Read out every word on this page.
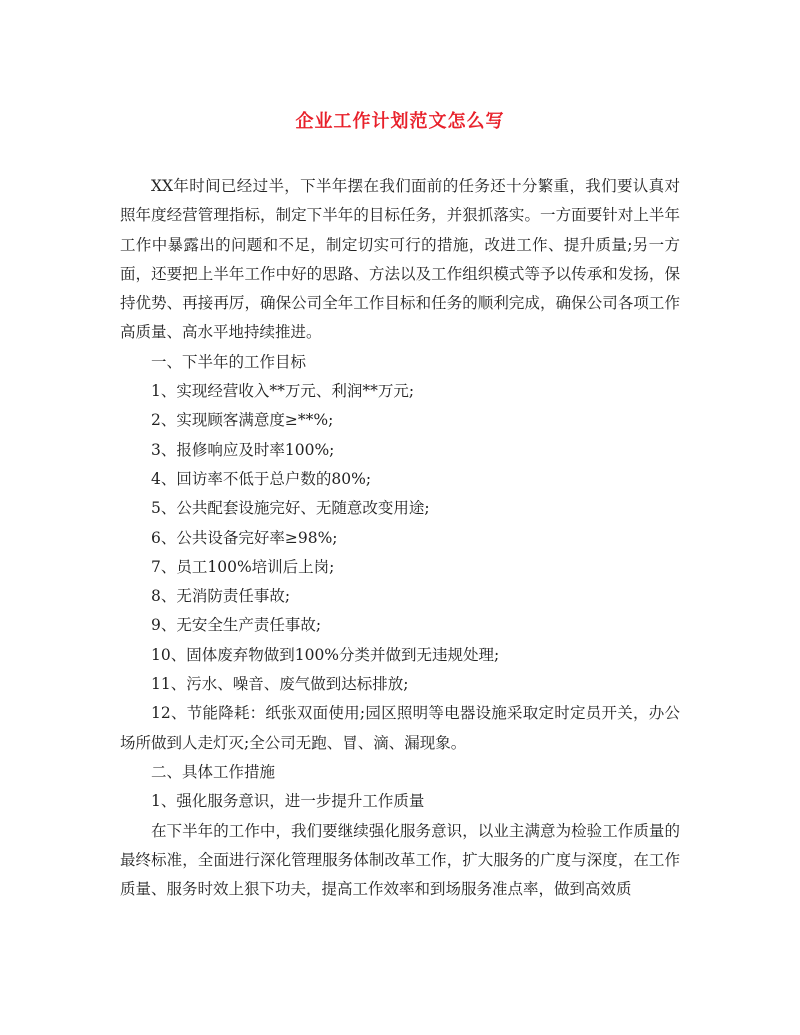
企业工作计划范文怎么写

XX年时间已经过半，下半年摆在我们面前的任务还十分繁重，我们要认真对照年度经营管理指标，制定下半年的目标任务，并狠抓落实。一方面要针对上半年工作中暴露出的问题和不足，制定切实可行的措施，改进工作、提升质量;另一方面，还要把上半年工作中好的思路、方法以及工作组织模式等予以传承和发扬，保持优势、再接再厉，确保公司全年工作目标和任务的顺利完成，确保公司各项工作高质量、高水平地持续推进。

一、下半年的工作目标

1、实现经营收入**万元、利润**万元;

2、实现顾客满意度≥**%;

3、报修响应及时率100%;

4、回访率不低于总户数的80%;

5、公共配套设施完好、无随意改变用途;

6、公共设备完好率≥98%;

7、员工100%培训后上岗;

8、无消防责任事故;

9、无安全生产责任事故;

10、固体废弃物做到100%分类并做到无违规处理;

11、污水、噪音、废气做到达标排放;

12、节能降耗：纸张双面使用;园区照明等电器设施采取定时定员开关，办公场所做到人走灯灭;全公司无跑、冒、滴、漏现象。

二、具体工作措施

1、强化服务意识，进一步提升工作质量

在下半年的工作中，我们要继续强化服务意识，以业主满意为检验工作质量的最终标准，全面进行深化管理服务体制改革工作，扩大服务的广度与深度，在工作质量、服务时效上狠下功夫，提高工作效率和到场服务准点率，做到高效质
